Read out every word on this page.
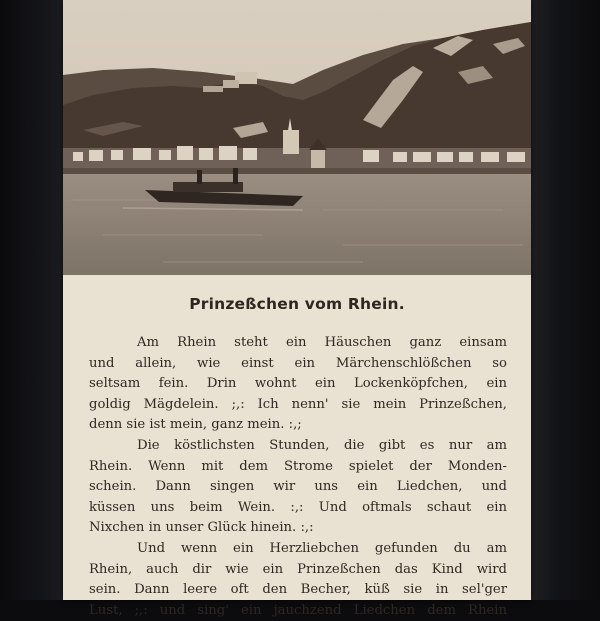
Prinzeßchen vom Rhein.
Am Rhein steht ein Häuschen ganz einsam
und allein, wie einst ein Märchenschlößchen so
seltsam fein. Drin wohnt ein Lockenköpfchen, ein
goldig Mägdelein. ;,: Ich nenn' sie mein Prinzeßchen,
denn sie ist mein, ganz mein. :,;
Die köstlichsten Stunden, die gibt es nur am
Rhein. Wenn mit dem Strome spielet der Monden-
schein. Dann singen wir uns ein Liedchen, und
küssen uns beim Wein. :,: Und oftmals schaut ein
Nixchen in unser Glück hinein. :,:
Und wenn ein Herzliebchen gefunden du am
Rhein, auch dir wie ein Prinzeßchen das Kind wird
sein. Dann leere oft den Becher, küß sie in sel'ger
Lust, ;,: und sing' ein jauchzend Liedchen dem Rhein
